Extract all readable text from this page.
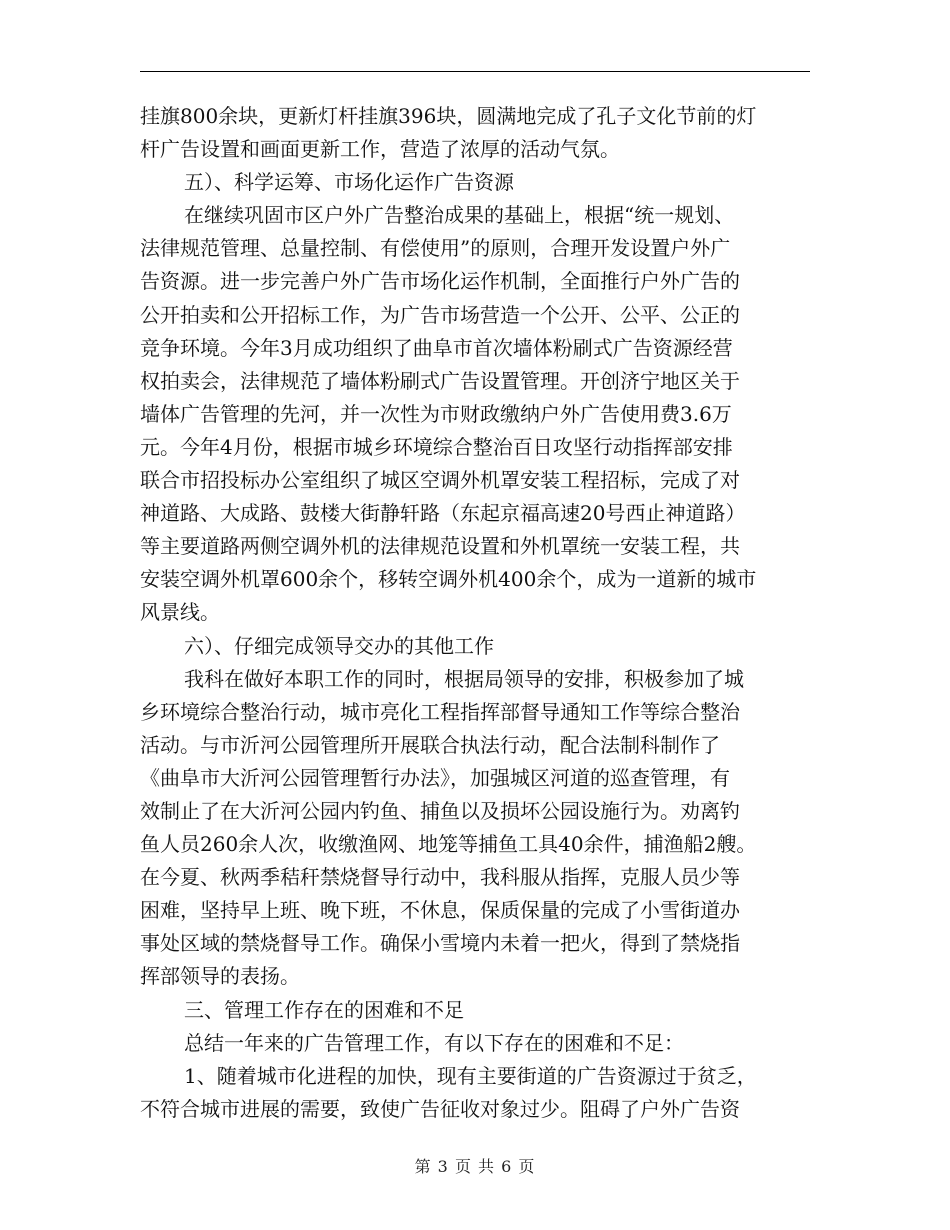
挂旗800余块，更新灯杆挂旗396块，圆满地完成了孔子文化节前的灯
杆广告设置和画面更新工作，营造了浓厚的活动气氛。
五）、科学运筹、市场化运作广告资源
在继续巩固市区户外广告整治成果的基础上，根据“统一规划、
法律规范管理、总量控制、有偿使用”的原则，合理开发设置户外广
告资源。进一步完善户外广告市场化运作机制，全面推行户外广告的
公开拍卖和公开招标工作，为广告市场营造一个公开、公平、公正的
竞争环境。今年3月成功组织了曲阜市首次墙体粉刷式广告资源经营
权拍卖会，法律规范了墙体粉刷式广告设置管理。开创济宁地区关于
墙体广告管理的先河，并一次性为市财政缴纳户外广告使用费3.6万
元。今年4月份，根据市城乡环境综合整治百日攻坚行动指挥部安排
联合市招投标办公室组织了城区空调外机罩安装工程招标，完成了对
神道路、大成路、鼓楼大街静轩路（东起京福高速20号西止神道路）
等主要道路两侧空调外机的法律规范设置和外机罩统一安装工程，共
安装空调外机罩600余个，移转空调外机400余个，成为一道新的城市
风景线。
六）、仔细完成领导交办的其他工作
我科在做好本职工作的同时，根据局领导的安排，积极参加了城
乡环境综合整治行动，城市亮化工程指挥部督导通知工作等综合整治
活动。与市沂河公园管理所开展联合执法行动，配合法制科制作了
《曲阜市大沂河公园管理暂行办法》，加强城区河道的巡查管理，有
效制止了在大沂河公园内钓鱼、捕鱼以及损坏公园设施行为。劝离钓
鱼人员260余人次，收缴渔网、地笼等捕鱼工具40余件，捕渔船2艘。
在今夏、秋两季秸秆禁烧督导行动中，我科服从指挥，克服人员少等
困难，坚持早上班、晚下班，不休息，保质保量的完成了小雪街道办
事处区域的禁烧督导工作。确保小雪境内未着一把火，得到了禁烧指
挥部领导的表扬。
三、管理工作存在的困难和不足
总结一年来的广告管理工作，有以下存在的困难和不足：
1、随着城市化进程的加快，现有主要街道的广告资源过于贫乏，
不符合城市进展的需要，致使广告征收对象过少。阻碍了户外广告资
第 3 页 共 6 页
